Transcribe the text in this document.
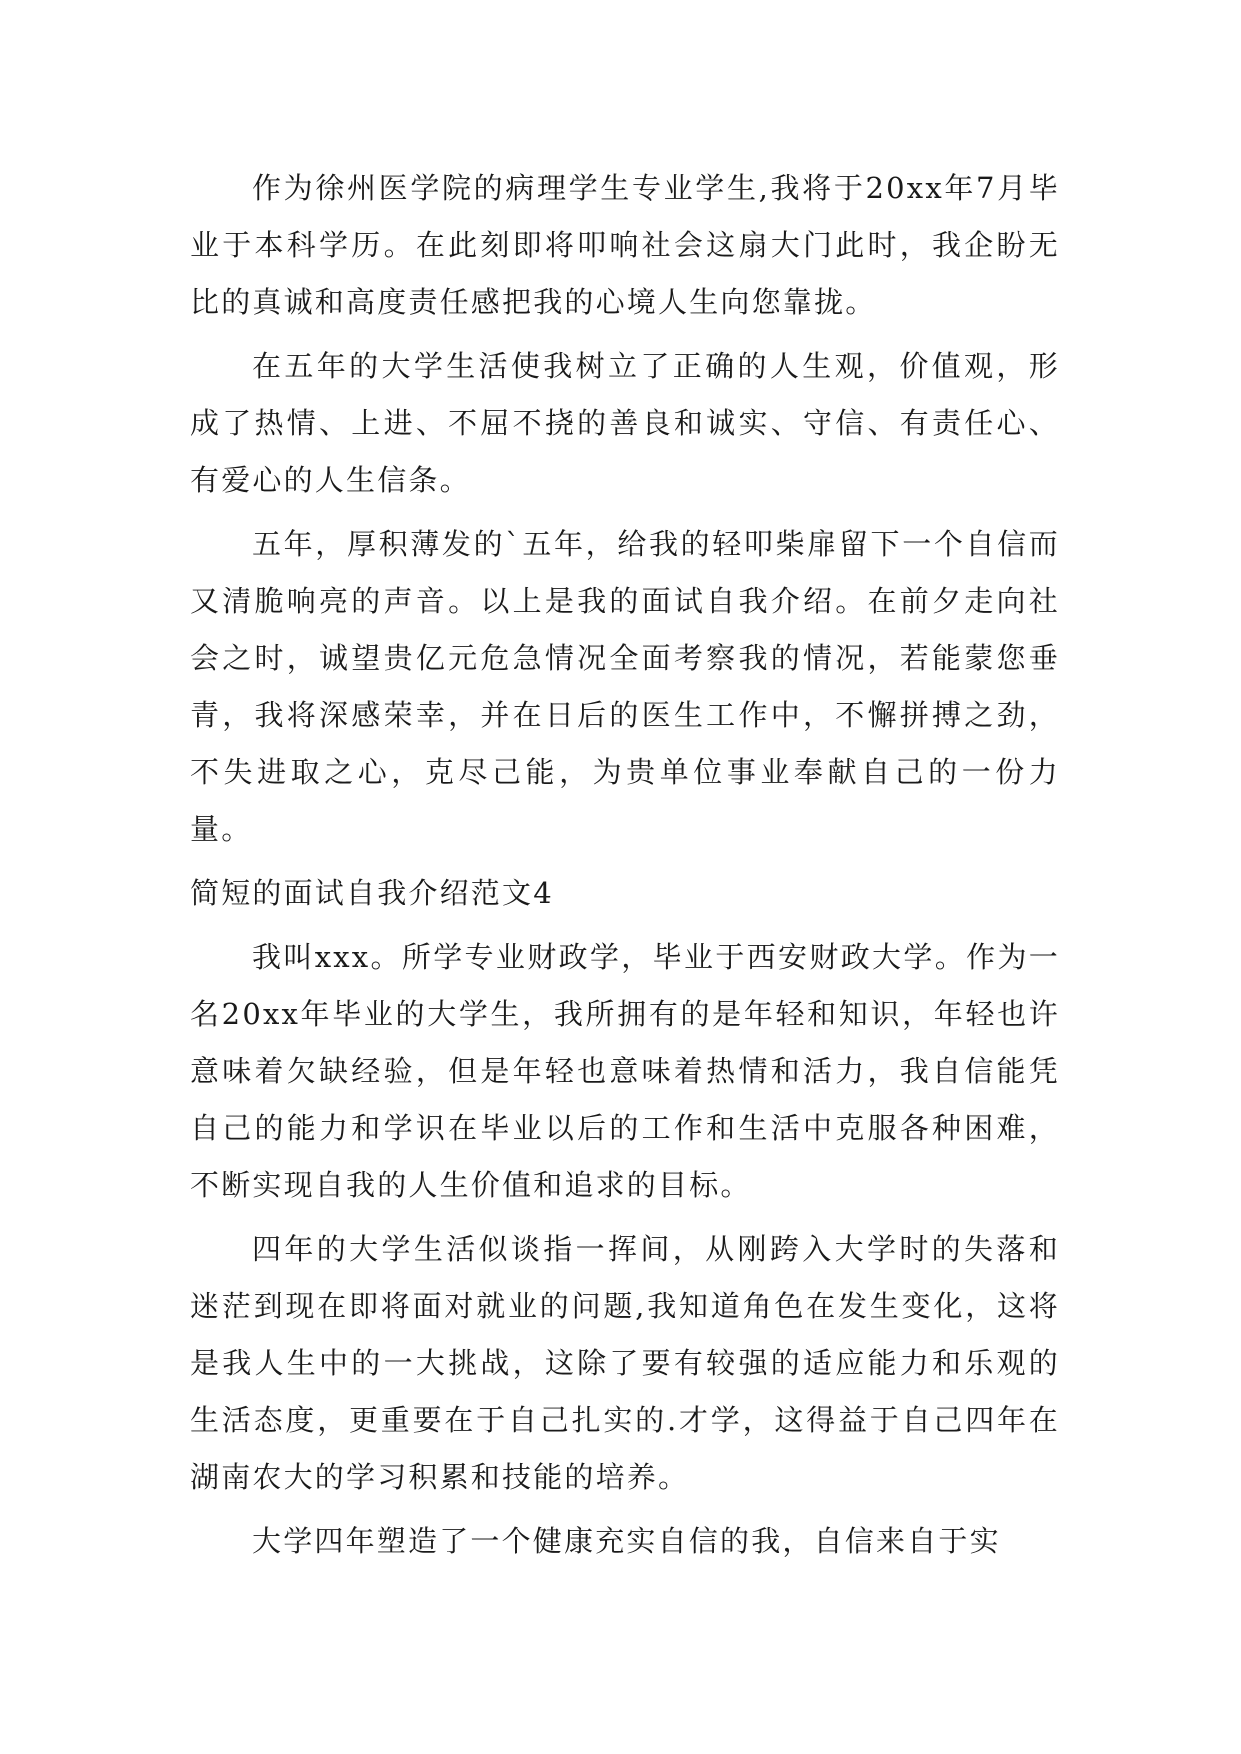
作为徐州医学院的病理学生专业学生,我将于20xx年7月毕业于本科学历。在此刻即将叩响社会这扇大门此时，我企盼无比的真诚和高度责任感把我的心境人生向您靠拢。

在五年的大学生活使我树立了正确的人生观，价值观，形成了热情、上进、不屈不挠的善良和诚实、守信、有责任心、有爱心的人生信条。

五年，厚积薄发的`五年，给我的轻叩柴扉留下一个自信而又清脆响亮的声音。以上是我的面试自我介绍。在前夕走向社会之时，诚望贵亿元危急情况全面考察我的情况，若能蒙您垂青，我将深感荣幸，并在日后的医生工作中，不懈拼搏之劲，不失进取之心，克尽己能，为贵单位事业奉献自己的一份力量。

简短的面试自我介绍范文4

我叫xxx。所学专业财政学，毕业于西安财政大学。作为一名20xx年毕业的大学生，我所拥有的是年轻和知识，年轻也许意味着欠缺经验，但是年轻也意味着热情和活力，我自信能凭自己的能力和学识在毕业以后的工作和生活中克服各种困难，不断实现自我的人生价值和追求的目标。

四年的大学生活似谈指一挥间，从刚跨入大学时的失落和迷茫到现在即将面对就业的问题,我知道角色在发生变化，这将是我人生中的一大挑战，这除了要有较强的适应能力和乐观的生活态度，更重要在于自己扎实的.才学，这得益于自己四年在湖南农大的学习积累和技能的培养。

大学四年塑造了一个健康充实自信的我，自信来自于实
